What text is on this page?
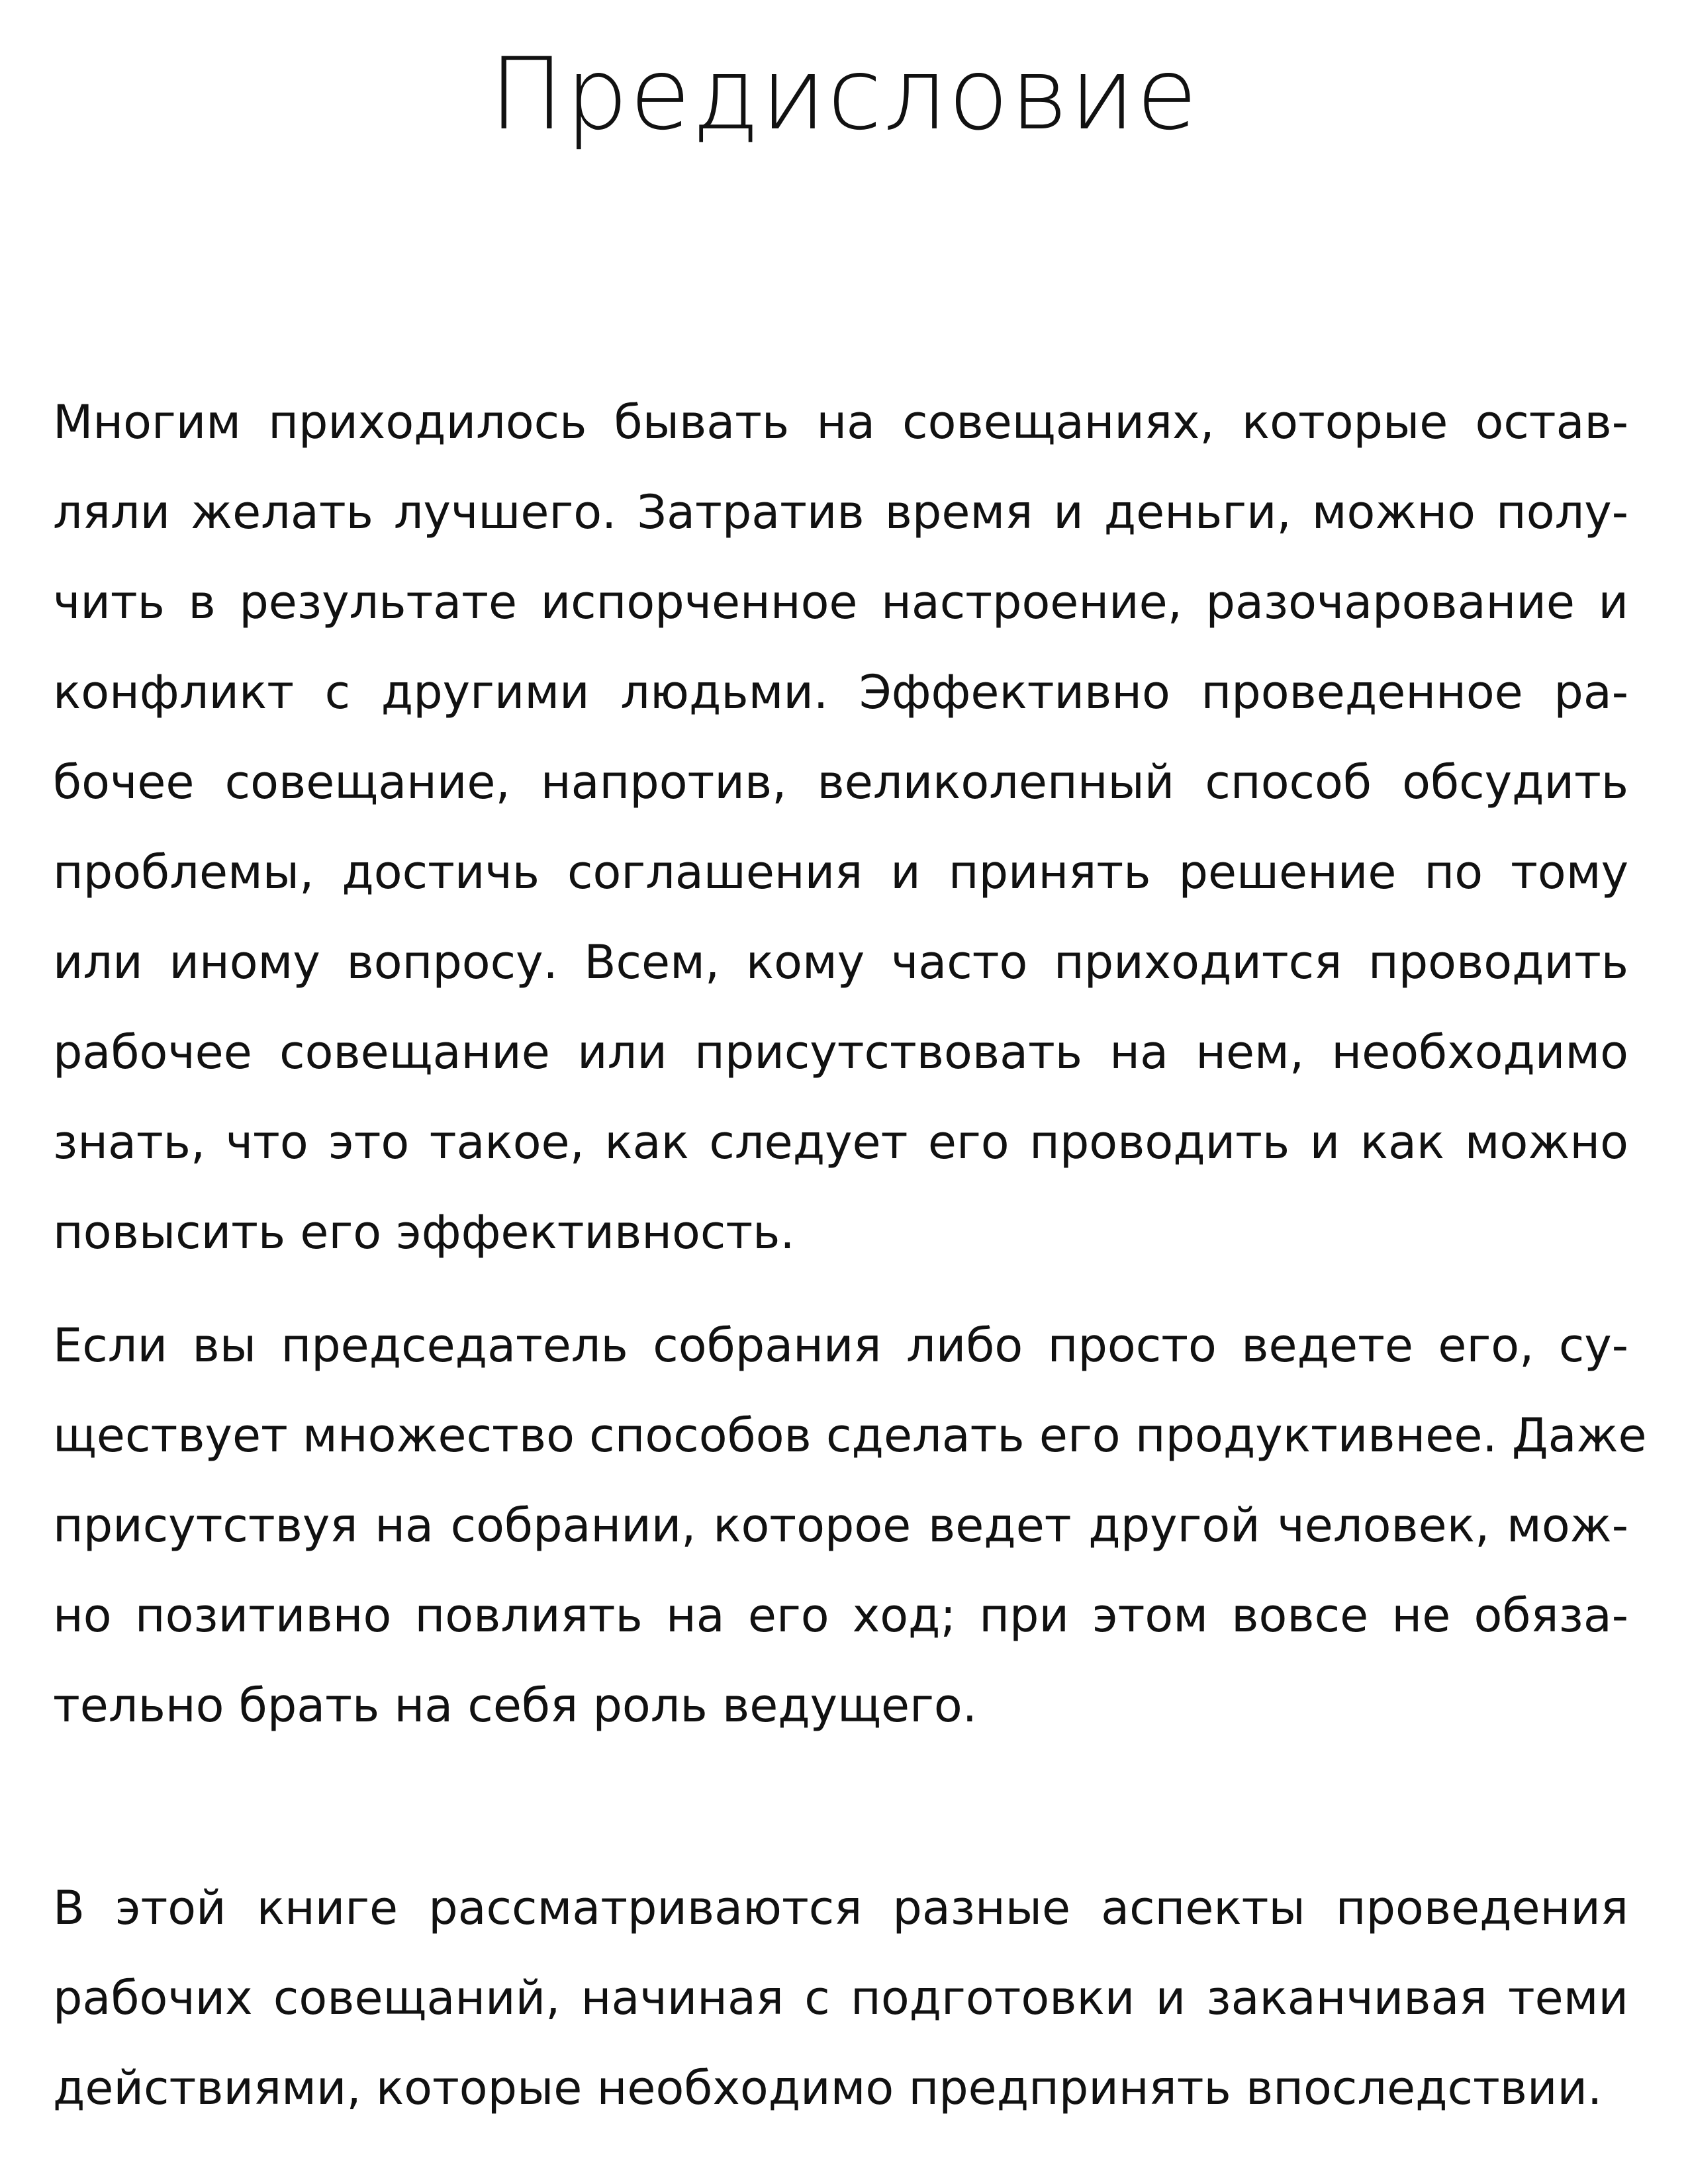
Предисловие
Многим приходилось бывать на совещаниях, которые остав-
ляли желать лучшего. Затратив время и деньги, можно полу-
чить в результате испорченное настроение, разочарование и
конфликт с другими людьми. Эффективно проведенное ра-
бочее совещание, напротив, великолепный способ обсудить
проблемы, достичь соглашения и принять решение по тому
или иному вопросу. Всем, кому часто приходится проводить
рабочее совещание или присутствовать на нем, необходимо
знать, что это такое, как следует его проводить и как можно
повысить его эффективность.
Если вы председатель собрания либо просто ведете его, су-
ществует множество способов сделать его продуктивнее. Даже
присутствуя на собрании, которое ведет другой человек, мож-
но позитивно повлиять на его ход; при этом вовсе не обяза-
тельно брать на себя роль ведущего.
В этой книге рассматриваются разные аспекты проведения
рабочих совещаний, начиная с подготовки и заканчивая теми
действиями, которые необходимо предпринять впоследствии.
